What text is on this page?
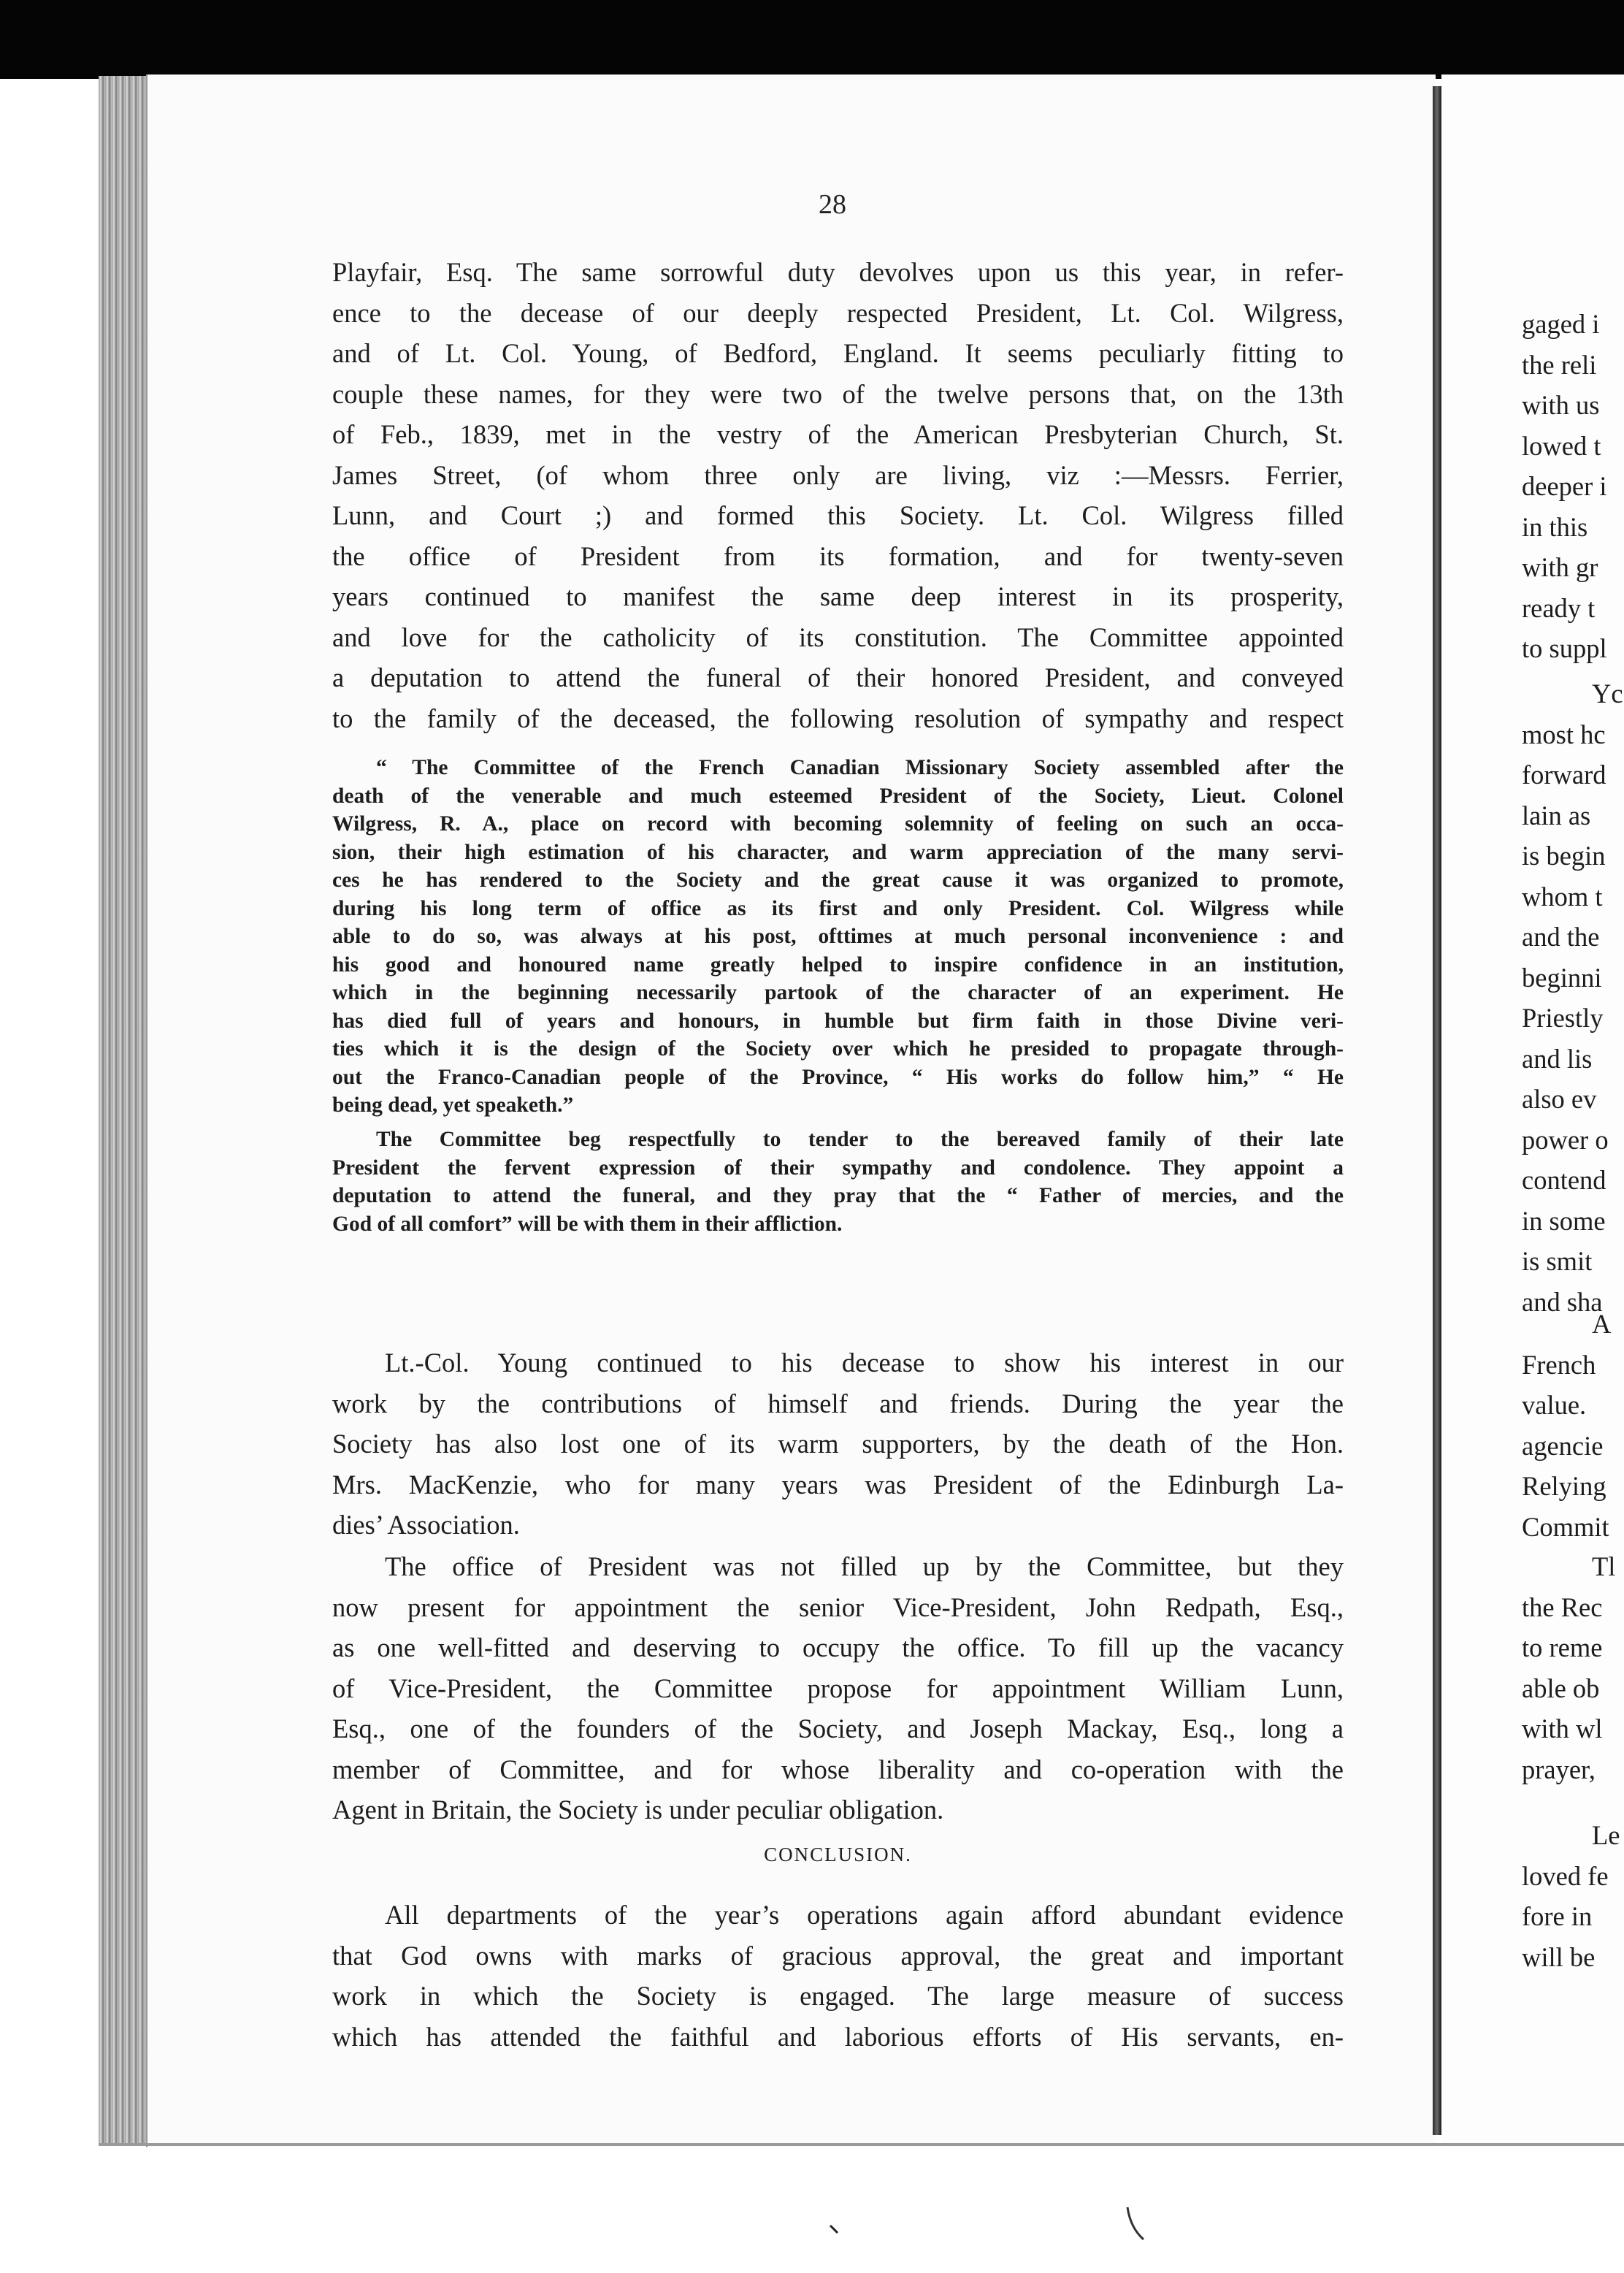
28
Playfair, Esq. The same sorrowful duty devolves upon us this year, in refer-
ence to the decease of our deeply respected President, Lt. Col. Wilgress,
and of Lt. Col. Young, of Bedford, England. It seems peculiarly fitting to
couple these names, for they were two of the twelve persons that, on the 13th
of Feb., 1839, met in the vestry of the American Presbyterian Church, St.
James Street, (of whom three only are living, viz :—Messrs. Ferrier,
Lunn, and Court ;) and formed this Society. Lt. Col. Wilgress filled
the office of President from its formation, and for twenty-seven
years continued to manifest the same deep interest in its prosperity,
and love for the catholicity of its constitution. The Committee appointed
a deputation to attend the funeral of their honored President, and conveyed
to the family of the deceased, the following resolution of sympathy and respect
“ The Committee of the French Canadian Missionary Society assembled after the
death of the venerable and much esteemed President of the Society, Lieut. Colonel
Wilgress, R. A., place on record with becoming solemnity of feeling on such an occa-
sion, their high estimation of his character, and warm appreciation of the many servi-
ces he has rendered to the Society and the great cause it was organized to promote,
during his long term of office as its first and only President. Col. Wilgress while
able to do so, was always at his post, ofttimes at much personal inconvenience : and
his good and honoured name greatly helped to inspire confidence in an institution,
which in the beginning necessarily partook of the character of an experiment. He
has died full of years and honours, in humble but firm faith in those Divine veri-
ties which it is the design of the Society over which he presided to propagate through-
out the Franco-Canadian people of the Province, “ His works do follow him,” “ He
being dead, yet speaketh.”
The Committee beg respectfully to tender to the bereaved family of their late
President the fervent expression of their sympathy and condolence. They appoint a
deputation to attend the funeral, and they pray that the “ Father of mercies, and the
God of all comfort” will be with them in their affliction.
Lt.-Col. Young continued to his decease to show his interest in our
work by the contributions of himself and friends. During the year the
Society has also lost one of its warm supporters, by the death of the Hon.
Mrs. MacKenzie, who for many years was President of the Edinburgh La-
dies’ Association.
The office of President was not filled up by the Committee, but they
now present for appointment the senior Vice-President, John Redpath, Esq.,
as one well-fitted and deserving to occupy the office. To fill up the vacancy
of Vice-President, the Committee propose for appointment William Lunn,
Esq., one of the founders of the Society, and Joseph Mackay, Esq., long a
member of Committee, and for whose liberality and co-operation with the
Agent in Britain, the Society is under peculiar obligation.
CONCLUSION.
All departments of the year’s operations again afford abundant evidence
that God owns with marks of gracious approval, the great and important
work in which the Society is engaged. The large measure of success
which has attended the faithful and laborious efforts of His servants, en-
gaged i
the reli
with us
lowed t
deeper i
in this
with gr
ready t
to suppl
Yc
most hc
forward
lain as
is begin
whom t
and the
beginni
Priestly
and lis
also ev
power o
contend
in some
is smit
and sha
A
French
value.
agencie
Relying
Commit
Tl
the Rec
to reme
able ob
with wl
prayer,
Le
loved fe
fore in
will be
